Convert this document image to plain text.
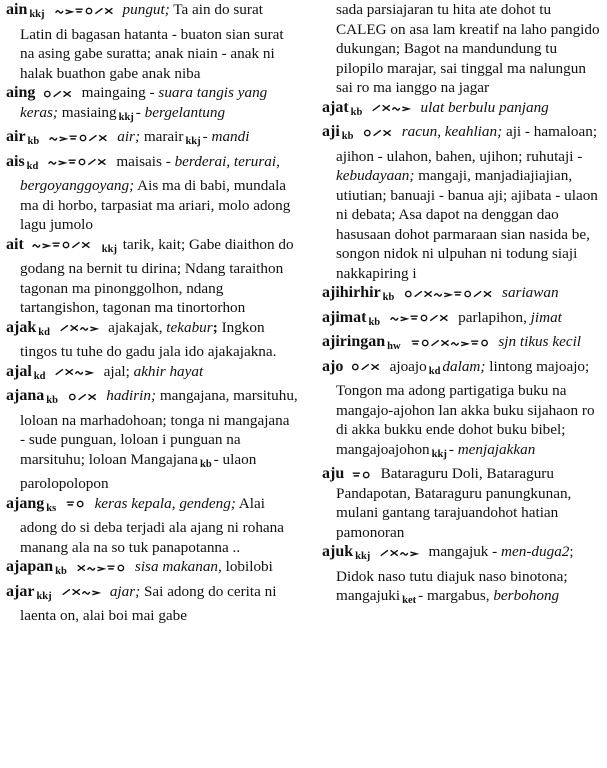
ain $_{kkj}$	pungut; Ta ain do surat Latin di bagasan hatanta - buaton sian surat na asing gabe suratta; anak niain - anak ni halak buathon gabe anak niba
aing	maingaing - suara tangis yang keras; masiaing $_{kkj}$ - bergelantung
air $_{kb}$	air; marair $_{kkj}$ - mandi
ais $_{kd}$	maisais - berderai, terurai, bergoyanggoyang; Ais ma di babi, mundala ma di horbo, tarpasiat ma ariari, molo adong lagu jumolo
ait	$_{kkj}$ tarik, kait; Gabe diaithon do godang na bernit tu dirina; Ndang taraithon tagonan ma pinonggolhon, ndang tartangishon, tagonan ma tinortorhon
ajak $_{kd}$	ajakajak, tekabur; Ingkon tingos tu tuhe do gadu jala ido ajakajakna.
ajal $_{kd}$	ajal; akhir hayat
ajana $_{kb}$	hadirin; mangajana, marsituhu, loloan na marhadohoan; tonga ni mangajana - sude punguan, loloan i punguan na marsituhu; loloan Mangajana $_{kb}$ - ulaon parolopolopon
ajang $_{ks}$	keras kepala, gendeng; Alai adong do si deba terjadi ala ajang ni rohana manang ala na so tuk panapotanna ..
ajapan $_{kb}$	sisa makanan, lobilobi
ajar $_{kkj}$	ajar; Sai adong do cerita ni laenta on, alai boi mai gabe
sada parsiajaran tu hita ate dohot tu CALEG on asa lam kreatif na laho pangido dukungan; Bagot na mandundung tu pilopilo marajar, sai tinggal ma nalungun sai ro ma ianggo na jagar
ajat $_{kb}$	ulat berbulu panjang
aji $_{kb}$	racun, keahlian; aji - hamaloan; ajihon - ulahon, bahen, ujihon; ruhutaji - kebudayaan; mangaji, manjadiajiajian, utiutian; banuaji - banua aji; ajibata - ulaon ni debata; Asa dapot na denggan dao hasusaan dohot parmaraan sian nasida be, songon nidok ni ulpuhan ni todung siaji nakkapiring i
ajihirhir $_{kb}$	sariawan
ajimat $_{kb}$	parlapihon, jimat
ajiringan $_{hw}$	sjn tikus kecil
ajo	ajoajo $_{kd}$ dalam; lintong majoajo; Tongon ma adong partigatiga buku na mangajo-ajohon lan akka buku sijahaon ro di akka bukku ende dohot buku bibel; mangajoajohon $_{kkj}$ - menjajakkan
aju Bataraguru Doli, Bataraguru Pandapotan, Bataraguru panungkunan, mulani gantang tarajuandohot hatian pamonoran
ajuk $_{kkj}$	mangajuk - men-duga2; Didok naso tutu diajuk naso binotona; mangajuki $_{ket}$ - margabus, berbohong
